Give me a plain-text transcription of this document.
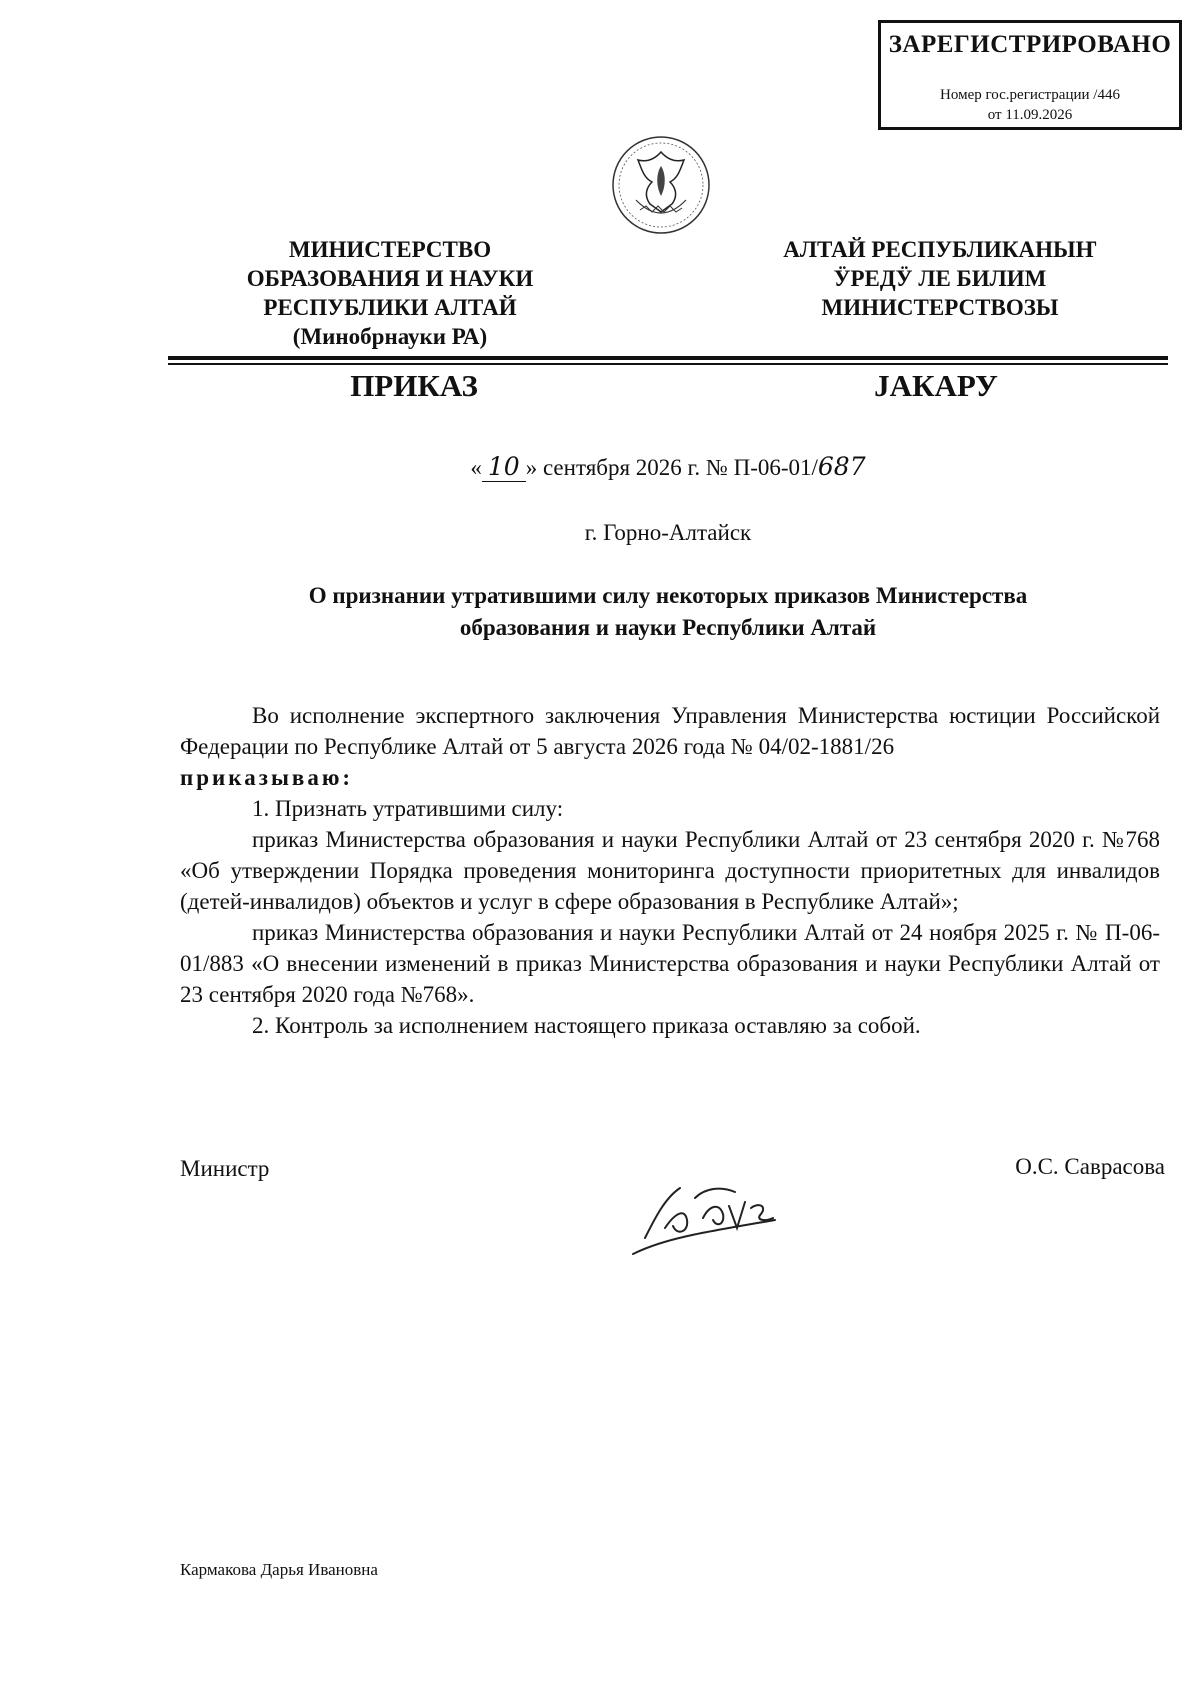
ЗАРЕГИСТРИРОВАНО
Номер гос.регистрации /446
от 11.09.2026
МИНИСТЕРСТВО
ОБРАЗОВАНИЯ И НАУКИ
РЕСПУБЛИКИ АЛТАЙ
(Минобрнауки РА)
АЛТАЙ РЕСПУБЛИКАНЫҤ
ӰРЕДӰ ЛЕ БИЛИМ
МИНИСТЕРСТВОЗЫ
ПРИКАЗ	ЈАКАРУ
« 10 » сентября 2026 г. № П-06-01/687
г. Горно-Алтайск
О признании утратившими силу некоторых приказов Министерства
образования и науки Республики Алтай

Во исполнение экспертного заключения Управления Министерства юстиции Российской Федерации по Республике Алтай от 5 августа 2026 года № 04/02-1881/26

приказываю:

1. Признать утратившими силу:

приказ Министерства образования и науки Республики Алтай от 23 сентября 2020 г. №768 «Об утверждении Порядка проведения мониторинга доступности приоритетных для инвалидов (детей-инвалидов) объектов и услуг в сфере образования в Республике Алтай»;

приказ Министерства образования и науки Республики Алтай от 24 ноября 2025 г. № П-06-01/883 «О внесении изменений в приказ Министерства образования и науки Республики Алтай от 23 сентября 2020 года №768».

2. Контроль за исполнением настоящего приказа оставляю за собой.

Министр	О.С. Саврасова
Кармакова Дарья Ивановна
